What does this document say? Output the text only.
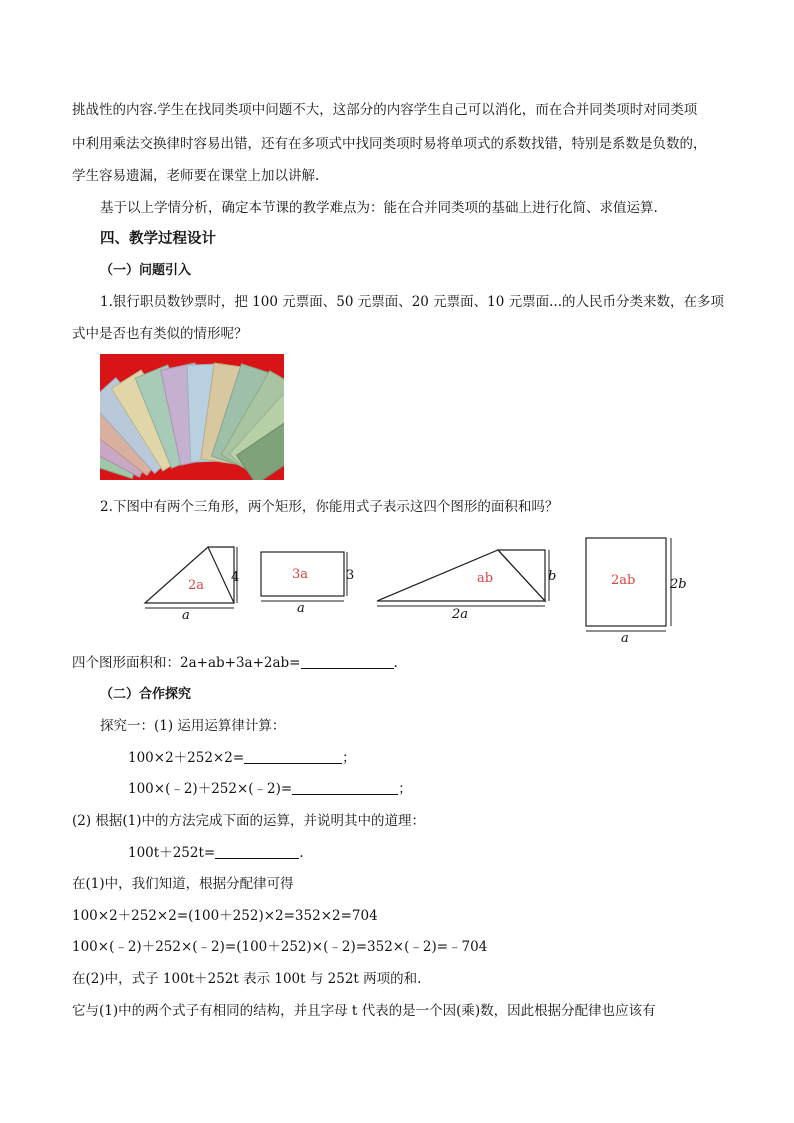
挑战性的内容.学生在找同类项中问题不大，这部分的内容学生自己可以消化，而在合并同类项时对同类项
中利用乘法交换律时容易出错，还有在多项式中找同类项时易将单项式的系数找错，特别是系数是负数的，
学生容易遗漏，老师要在课堂上加以讲解.
基于以上学情分析，确定本节课的教学难点为：能在合并同类项的基础上进行化简、求值运算.
四、教学过程设计
（一）问题引入
1.银行职员数钞票时，把 100 元票面、50 元票面、20 元票面、10 元票面...的人民币分类来数，在多项
式中是否也有类似的情形呢？
2.下图中有两个三角形，两个矩形，你能用式子表示这四个图形的面积和吗？
2a
4
a
3a	3
a
ab	b
2a
2ab	2b
a
四个图形面积和：2a+ab+3a+2ab=	.
（二）合作探究
探究一：(1) 运用运算律计算：
100×2＋252×2=	；
100×(﹣2)＋252×(﹣2)=	；
(2) 根据(1)中的方法完成下面的运算，并说明其中的道理：
100t＋252t=	.
在(1)中，我们知道，根据分配律可得
100×2＋252×2=(100＋252)×2=352×2=704
100×(﹣2)＋252×(﹣2)=(100＋252)×(﹣2)=352×(﹣2)=﹣704
在(2)中，式子 100t＋252t 表示 100t 与 252t 两项的和.
它与(1)中的两个式子有相同的结构，并且字母 t 代表的是一个因(乘)数，因此根据分配律也应该有
